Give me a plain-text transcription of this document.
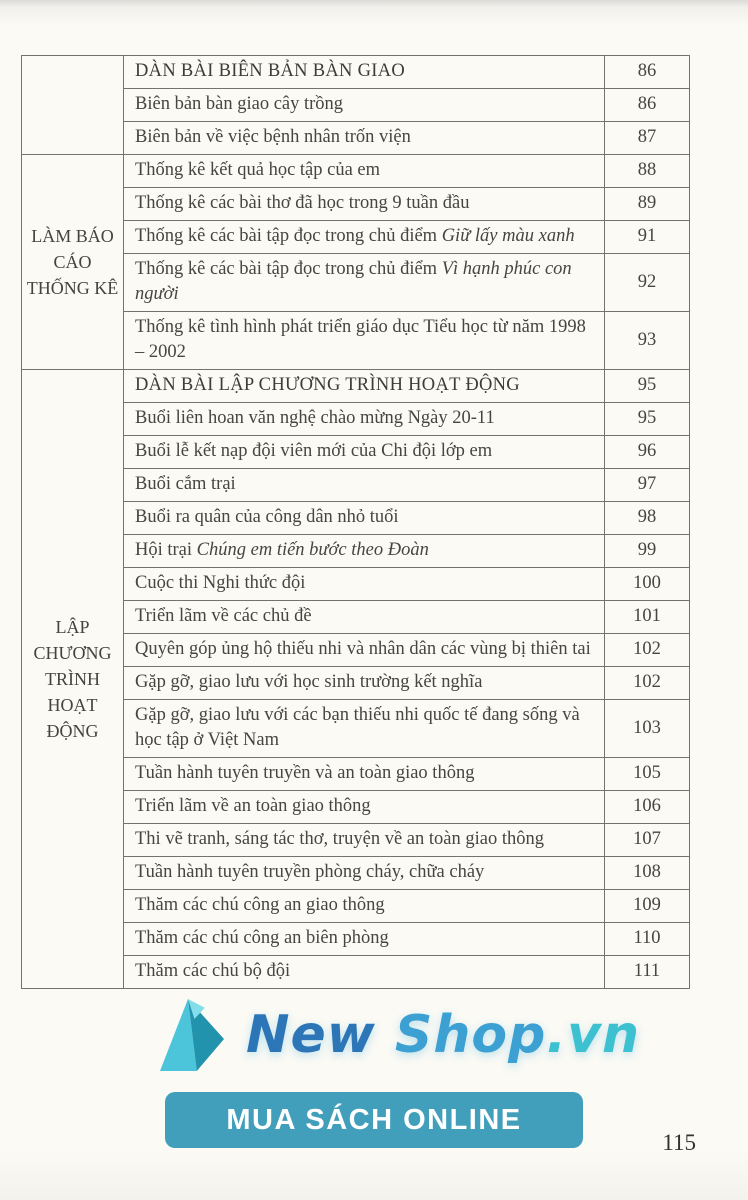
	DÀN BÀI BIÊN BẢN BÀN GIAO	86
	Biên bản bàn giao cây trồng	86
	Biên bản về việc bệnh nhân trốn viện	87
LÀM BÁO CÁO THỐNG KÊ	Thống kê kết quả học tập của em	88
	Thống kê các bài thơ đã học trong 9 tuần đầu	89
	Thống kê các bài tập đọc trong chủ điểm Giữ lấy màu xanh	91
	Thống kê các bài tập đọc trong chủ điểm Vì hạnh phúc con người	92
	Thống kê tình hình phát triển giáo dục Tiểu học từ năm 1998 – 2002	93
LẬP CHƯƠNG TRÌNH HOẠT ĐỘNG	DÀN BÀI LẬP CHƯƠNG TRÌNH HOẠT ĐỘNG	95
	Buổi liên hoan văn nghệ chào mừng Ngày 20-11	95
	Buổi lễ kết nạp đội viên mới của Chi đội lớp em	96
	Buổi cắm trại	97
	Buổi ra quân của công dân nhỏ tuổi	98
	Hội trại Chúng em tiến bước theo Đoàn	99
	Cuộc thi Nghi thức đội	100
	Triển lãm về các chủ đề	101
	Quyên góp ủng hộ thiếu nhi và nhân dân các vùng bị thiên tai	102
	Gặp gỡ, giao lưu với học sinh trường kết nghĩa	102
	Gặp gỡ, giao lưu với các bạn thiếu nhi quốc tế đang sống và học tập ở Việt Nam	103
	Tuần hành tuyên truyền và an toàn giao thông	105
	Triển lãm về an toàn giao thông	106
	Thi vẽ tranh, sáng tác thơ, truyện về an toàn giao thông	107
	Tuần hành tuyên truyền phòng cháy, chữa cháy	108
	Thăm các chú công an giao thông	109
	Thăm các chú công an biên phòng	110
	Thăm các chú bộ đội	111
New Shop.vn
MUA SÁCH ONLINE
115
